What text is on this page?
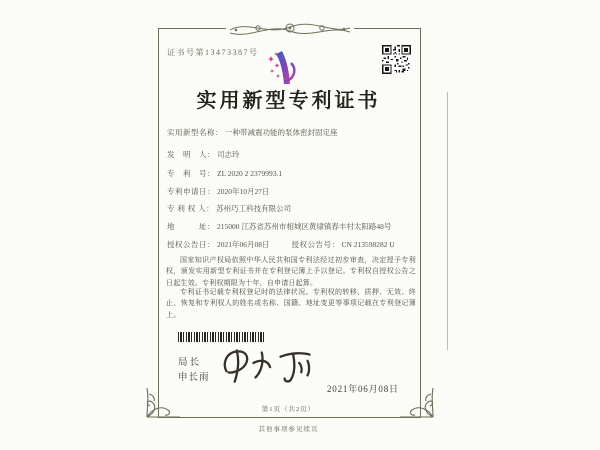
证书号第13473387号
实用新型专利证书
实用新型名称： 一种带减震功能的泵体密封固定座
发　明　人： 司志玲
专　利　号： ZL 2020 2 2379993.1
专利申请日： 2020年10月27日
专 利 权 人： 苏州巧工科技有限公司
地　　　址： 215000 江苏省苏州市相城区黄埭镇春丰村太阳路48号
授权公告日： 2021年06月08日	授权公告号： CN 213598282 U
国家知识产权局依照中华人民共和国专利法经过初步审查，决定授予专利权，颁发实用新型专利证书并在专利登记簿上予以登记。专利权自授权公告之日起生效。专利权期限为十年，自申请日起算。
专利证书记载专利权登记时的法律状况。专利权的转移、质押、无效、终止、恢复和专利权人的姓名或名称、国籍、地址变更等事项记载在专利登记簿上。
局长
申长雨
2021年06月08日
第1页（共2页）
其他事项参见续页
